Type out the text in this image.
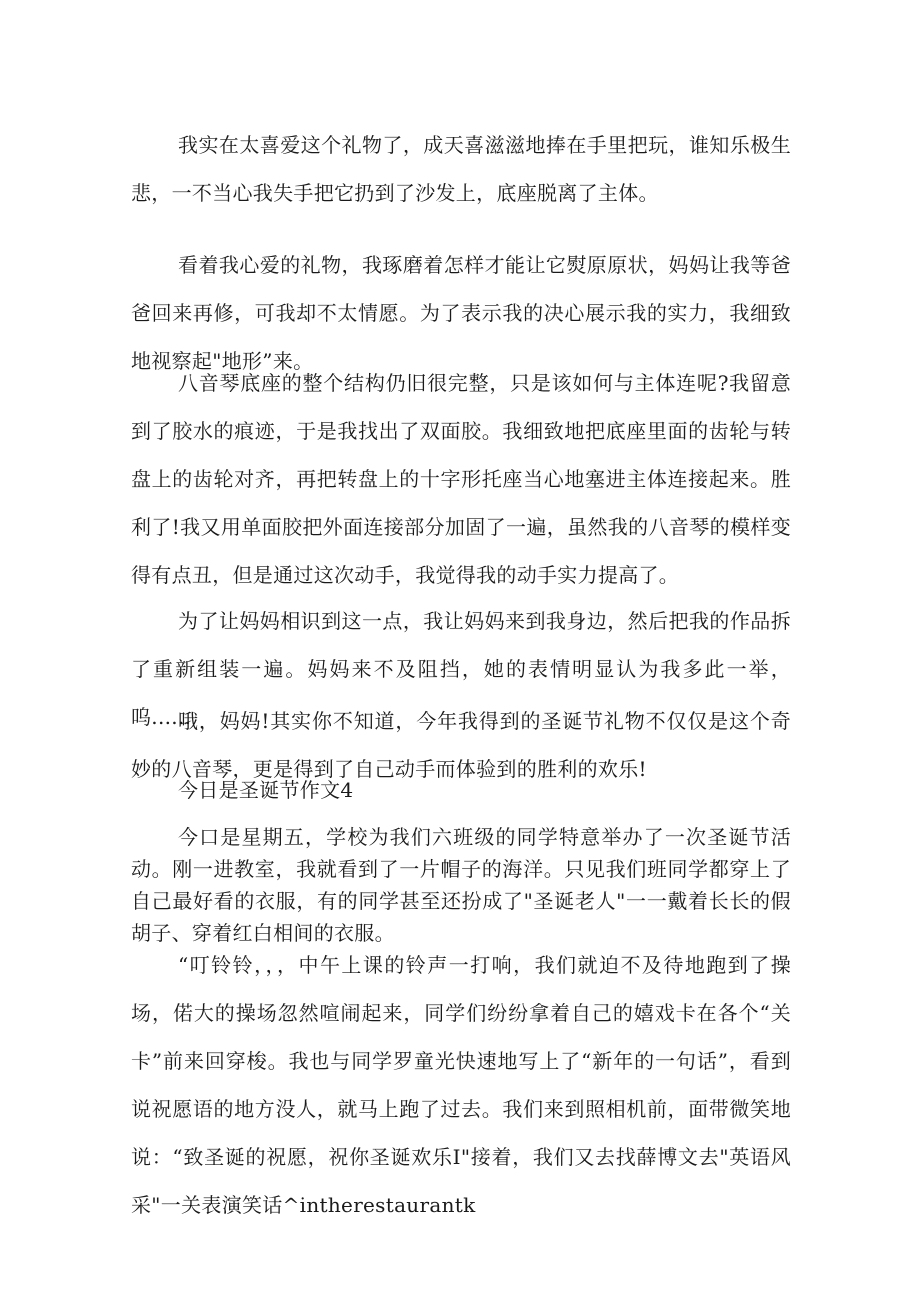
我实在太喜爱这个礼物了，成天喜滋滋地捧在手里把玩，谁知乐极生悲，一不当心我失手把它扔到了沙发上，底座脱离了主体。

看着我心爱的礼物，我琢磨着怎样才能让它熨原原状，妈妈让我等爸爸回来再修，可我却不太情愿。为了表示我的决心展示我的实力，我细致地视察起"地形”来。

八音琴底座的整个结构仍旧很完整，只是该如何与主体连呢?我留意到了胶水的痕迹，于是我找出了双面胶。我细致地把底座里面的齿轮与转盘上的齿轮对齐，再把转盘上的十字形托座当心地塞进主体连接起来。胜利了!我又用单面胶把外面连接部分加固了一遍，虽然我的八音琴的模样变得有点丑，但是通过这次动手，我觉得我的动手实力提高了。

为了让妈妈相识到这一点，我让妈妈来到我身边，然后把我的作品拆了重新组装一遍。妈妈来不及阻挡，她的表情明显认为我多此一举，呜......

哦，妈妈!其实你不知道，今年我得到的圣诞节礼物不仅仅是这个奇妙的八音琴，更是得到了自己动手而体验到的胜利的欢乐!

今日是圣诞节作文4

今口是星期五，学校为我们六班级的同学特意举办了一次圣诞节活动。刚一进教室，我就看到了一片帽子的海洋。只见我们班同学都穿上了自己最好看的衣服，有的同学甚至还扮成了"圣诞老人"一一戴着长长的假胡子、穿着红白相间的衣服。

“叮铃铃，，，中午上课的铃声一打响，我们就迫不及待地跑到了操场，偌大的操场忽然喧闹起来，同学们纷纷拿着自己的嬉戏卡在各个“关卡”前来回穿梭。我也与同学罗童光快速地写上了“新年的一句话”，看到说祝愿语的地方没人，就马上跑了过去。我们来到照相机前，面带微笑地说：“致圣诞的祝愿，祝你圣诞欢乐I"接着，我们又去找薛博文去"英语风采"一关表演笑话^intherestaurantk
